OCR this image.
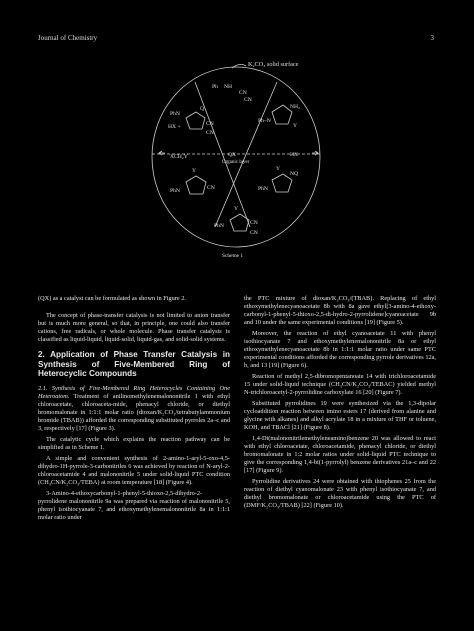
Journal of Chemistry	3
K₂CO₃ solid surface
Ph NH
CN
CN
NH₂
Ph–N
Y
PhN
Q
CN
CN
HX +
XCH₂Y	QX
Organic layer
HX
Y
PhN	CN	PhN
NQ
Y
PhN	CN
CN
Y
Scheme 1

(QX) as a catalyst can be formulated as shown in Figure 2.

The concept of phase-transfer catalysis is not limited to anion transfer but is much more general, so that, in principle, one could also transfer cations, free radicals, or whole molecule. Phase transfer catalysis is classified as liquid-liquid, liquid-solid, liquid-gas, and solid-solid systems.

2. Application of Phase Transfer Catalysis in Synthesis of Five-Membered Ring of Heterocyclic Compounds

2.1. Synthesis of Five-Membered Ring Heterocycles Containing One Heteroatom. Treatment of anilinomethylenemalononitrile 1 with ethyl chloroacetate, chloroaceta-mide, phenacyl chloride, or diethyl bromomalonate in 1:1:1 molar ratio (dioxan/K₂CO₃/tetrabutylammonium bromide (TBAB)) afforded the corresponding substituted pyrroles 2a–c and 3, respectively [17] (Figure 3).

The catalytic cycle which explains the reaction pathway can be simplified as in Scheme 1.

A simple and convenient synthesis of 2-amino-1-aryl-5-oxo-4,5-dihydro-1H-pyrrole-3-carbonitriles 6 was achieved by reaction of N-aryl-2-chloroacetamide 4 and malononitrile 5 under solid-liquid PTC condition (CH₃CN/K₂CO₃/TEBA) at room temperature [18] (Figure 4).

3-Amino-4-ethoxycarbonyl-1-phenyl-5-thioxo-2,5-dihydro-2-pyrrolidene malononitrile 9a was prepared via reaction of malononitrile 5, phenyl isothiocyanate 7, and ethoxymethylenemalononitrile 8a in 1:1:1 molar ratio under

the PTC mixture of dioxan/K₂CO₃/(TBAB). Replacing of ethyl ethoxymethylenecyanoacetate 8b with 8a gave ethyl[3-amino-4-ethoxy-carbonyl-1-phenyl-5-thioxo-2,5-di-hydro-2-pyrrolidene]cyanoacetate 9b and 10 under the same experimental conditions [19] (Figure 5).

Moreover, the reaction of ethyl cyanoacetate 11 with phenyl isothiocyanate 7 and ethoxymethylenemalononitrile 8a or ethyl ethoxymethylenecyanoacetate 8b in 1:1:1 molar ratio under same PTC experimental conditions afforded the corresponding pyrrole derivatives 12a, b, and 13 [19] (Figure 6).

Reaction of methyl 2,5-dibromopentanoate 14 with trichloroacetamide 15 under solid-liquid technique (CH₃CN/K₂CO₃/TEBAC) yielded methyl N-trichloroacetyl-2-pyrrolidine carboxylate 16 [20] (Figure 7).

Substituted pyrrolidines 19 were synthesized via the 1,3-dipolar cycloaddition reaction between imino esters 17 (derived from alanine and glycine with alkanes) and alkyl acrylate 18 in a mixture of THF or toluene, KOH, and TBACl [21] (Figure 8).

1,4-Di(malononitrilemethyleneamino)benzene 20 was allowed to react with ethyl chloroacetate, chloroacetamide, phenacyl chloride, or diethyl bromomalonate in 1:2 molar ratios under solid-liquid PTC technique to give the corresponding 1,4-bi(1-pyrrolyl) benzene derivatives 21a–c and 22 [17] (Figure 9).

Pyrrolidine derivatives 24 were obtained with thiophenes 25 from the reaction of diethyl cyanomalonate 23 with phenyl isothiocyanate 7, and diethyl bromomalonate or chloroacetamide using the PTC of (DMF/K₂CO₃/TBAB) [22] (Figure 10).
